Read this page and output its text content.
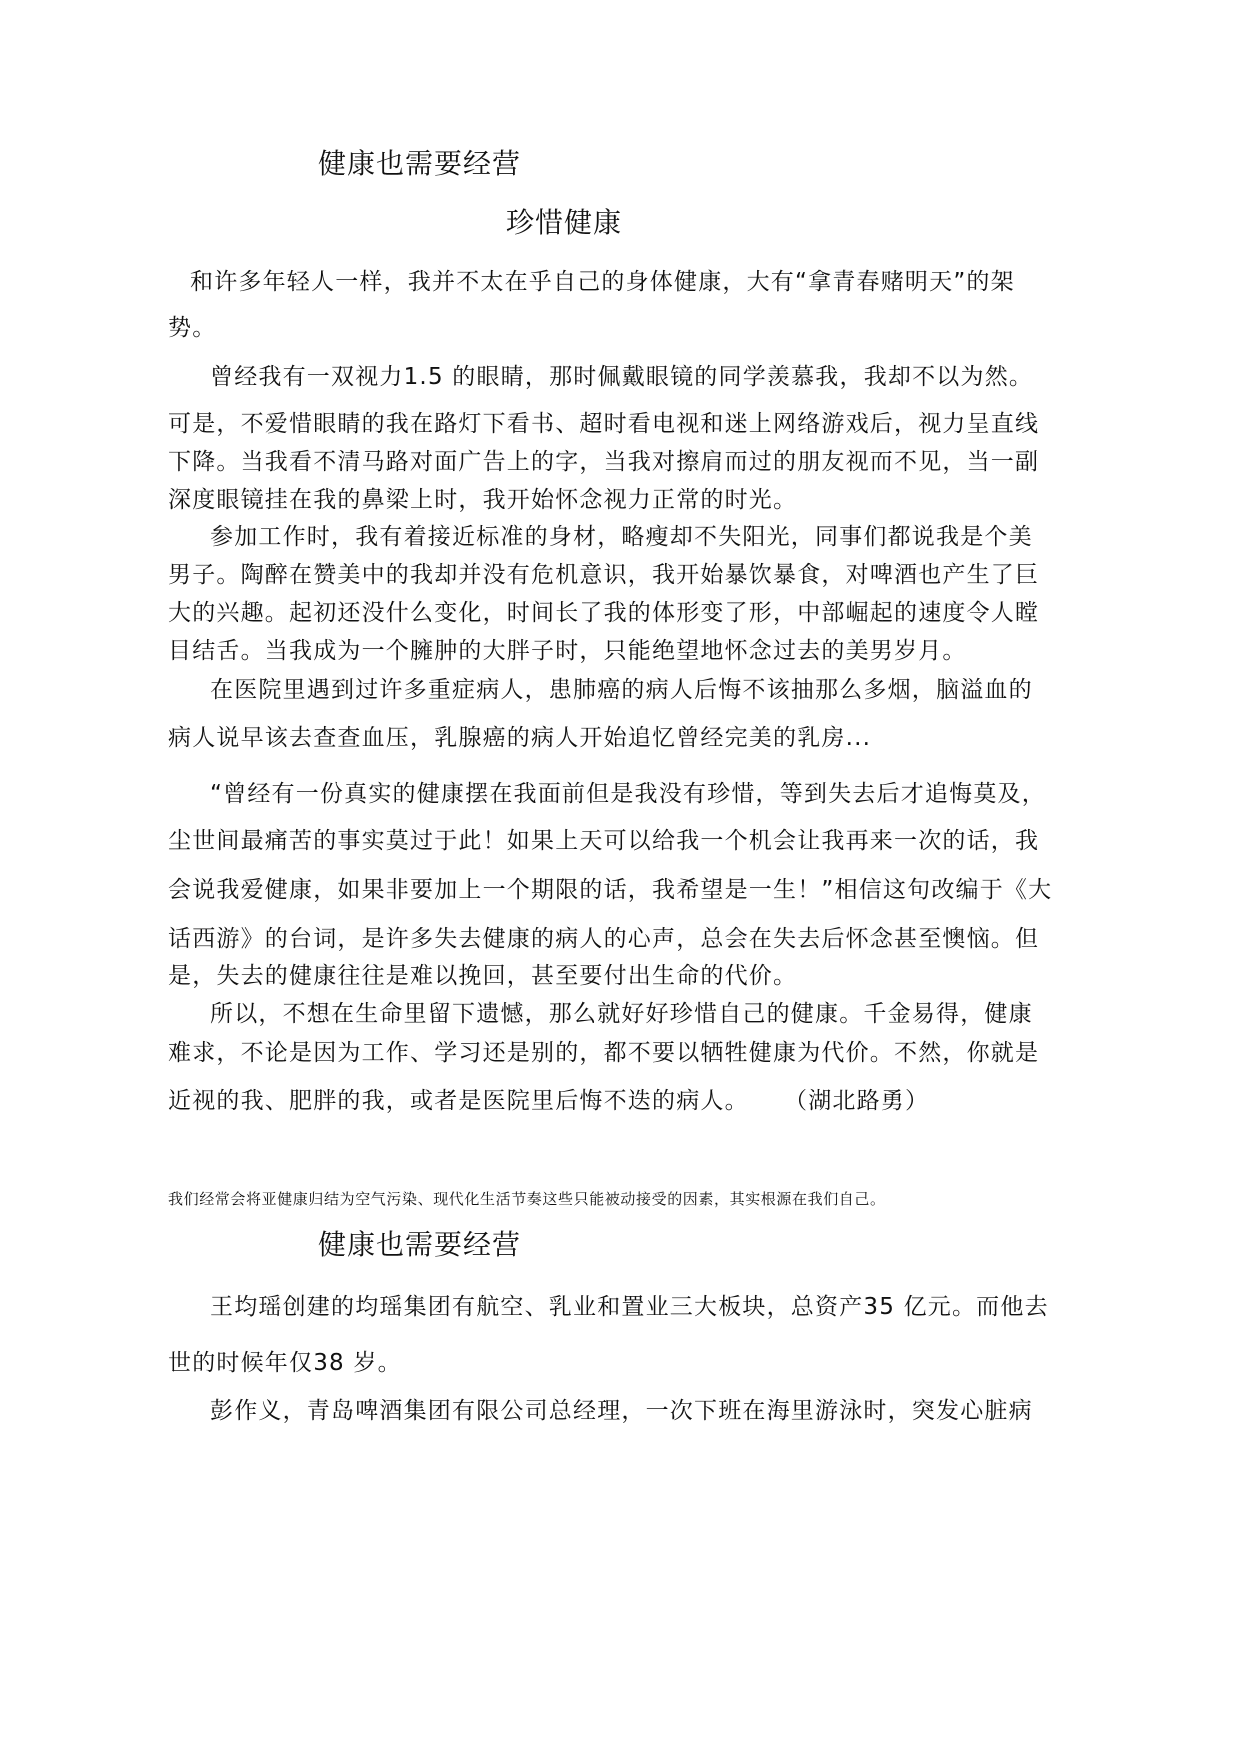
健康也需要经营
珍惜健康
和许多年轻人一样，我并不太在乎自己的身体健康，大有“拿青春赌明天”的架
势。
曾经我有一双视力1.5 的眼睛，那时佩戴眼镜的同学羡慕我，我却不以为然。
可是，不爱惜眼睛的我在路灯下看书、超时看电视和迷上网络游戏后，视力呈直线
下降。当我看不清马路对面广告上的字，当我对擦肩而过的朋友视而不见，当一副
深度眼镜挂在我的鼻梁上时，我开始怀念视力正常的时光。
参加工作时，我有着接近标准的身材，略瘦却不失阳光，同事们都说我是个美
男子。陶醉在赞美中的我却并没有危机意识，我开始暴饮暴食，对啤酒也产生了巨
大的兴趣。起初还没什么变化，时间长了我的体形变了形，中部崛起的速度令人瞠
目结舌。当我成为一个臃肿的大胖子时，只能绝望地怀念过去的美男岁月。
在医院里遇到过许多重症病人，患肺癌的病人后悔不该抽那么多烟，脑溢血的
病人说早该去查查血压，乳腺癌的病人开始追忆曾经完美的乳房...
“曾经有一份真实的健康摆在我面前但是我没有珍惜，等到失去后才追悔莫及，
尘世间最痛苦的事实莫过于此！如果上天可以给我一个机会让我再来一次的话，我
会说我爱健康，如果非要加上一个期限的话，我希望是一生！”相信这句改编于《大
话西游》的台词，是许多失去健康的病人的心声，总会在失去后怀念甚至懊恼。但
是，失去的健康往往是难以挽回，甚至要付出生命的代价。
所以，不想在生命里留下遗憾，那么就好好珍惜自己的健康。千金易得，健康
难求，不论是因为工作、学习还是别的，都不要以牺牲健康为代价。不然，你就是
近视的我、肥胖的我，或者是医院里后悔不迭的病人。 （湖北路勇）
我们经常会将亚健康归结为空气污染、现代化生活节奏这些只能被动接受的因素，其实根源在我们自己。
健康也需要经营
王均瑶创建的均瑶集团有航空、乳业和置业三大板块，总资产35 亿元。而他去
世的时候年仅38 岁。
彭作义，青岛啤酒集团有限公司总经理，一次下班在海里游泳时，突发心脏病
